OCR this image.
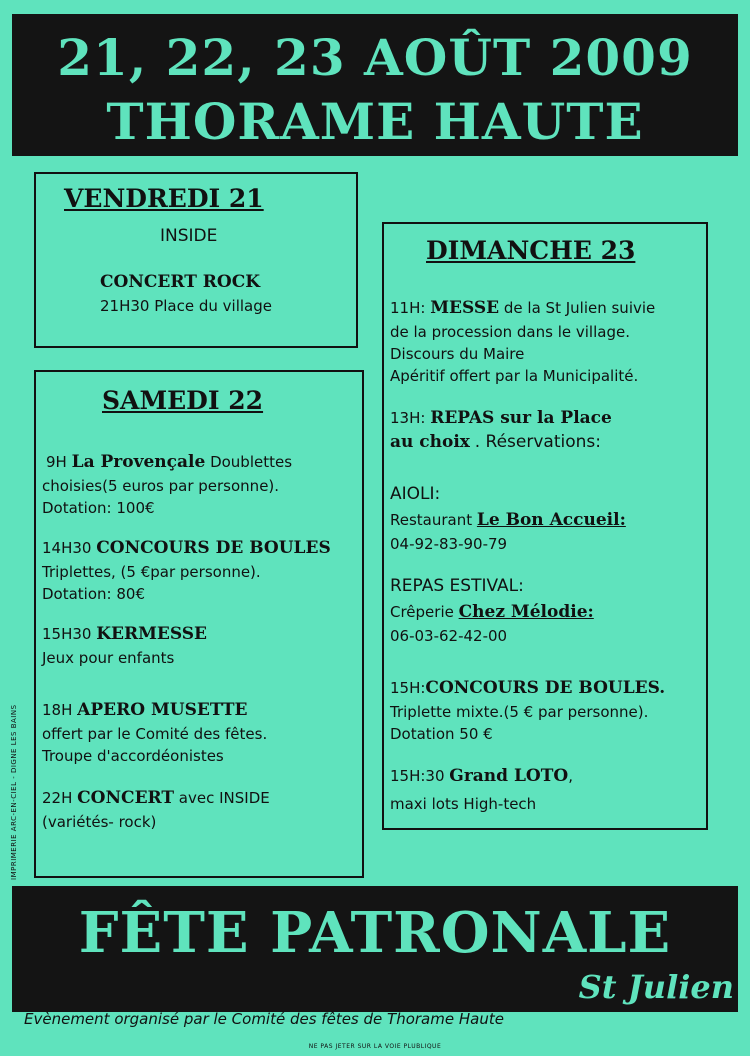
21, 22, 23 AOÛT 2009
THORAME HAUTE
VENDREDI 21
INSIDE
CONCERT ROCK
21H30 Place du village
SAMEDI 22
9H La Provençale Doublettes
choisies(5 euros par personne).
Dotation: 100€
14H30 CONCOURS DE BOULES
Triplettes, (5 €par personne).
Dotation: 80€
15H30 KERMESSE
Jeux pour enfants
18H APERO MUSETTE
offert par le Comité des fêtes.
Troupe d'accordéonistes
22H CONCERT avec INSIDE
(variétés- rock)
DIMANCHE 23
11H: MESSE de la St Julien suivie
de la procession dans le village.
Discours du Maire
Apéritif offert par la Municipalité.
13H: REPAS sur la Place
au choix . Réservations:
AIOLI:
Restaurant Le Bon Accueil:
04-92-83-90-79
REPAS ESTIVAL:
Crêperie Chez Mélodie:
06-03-62-42-00
15H:CONCOURS DE BOULES.
Triplette mixte.(5 € par personne).
Dotation 50 €
15H:30 Grand LOTO,
maxi lots High-tech
IMPRIMERIE ARC-EN-CIEL - DIGNE LES BAINS
FÊTE PATRONALE
St Julien
Evènement organisé par le Comité des fêtes de Thorame Haute
NE PAS JETER SUR LA VOIE PLUBLIQUE
